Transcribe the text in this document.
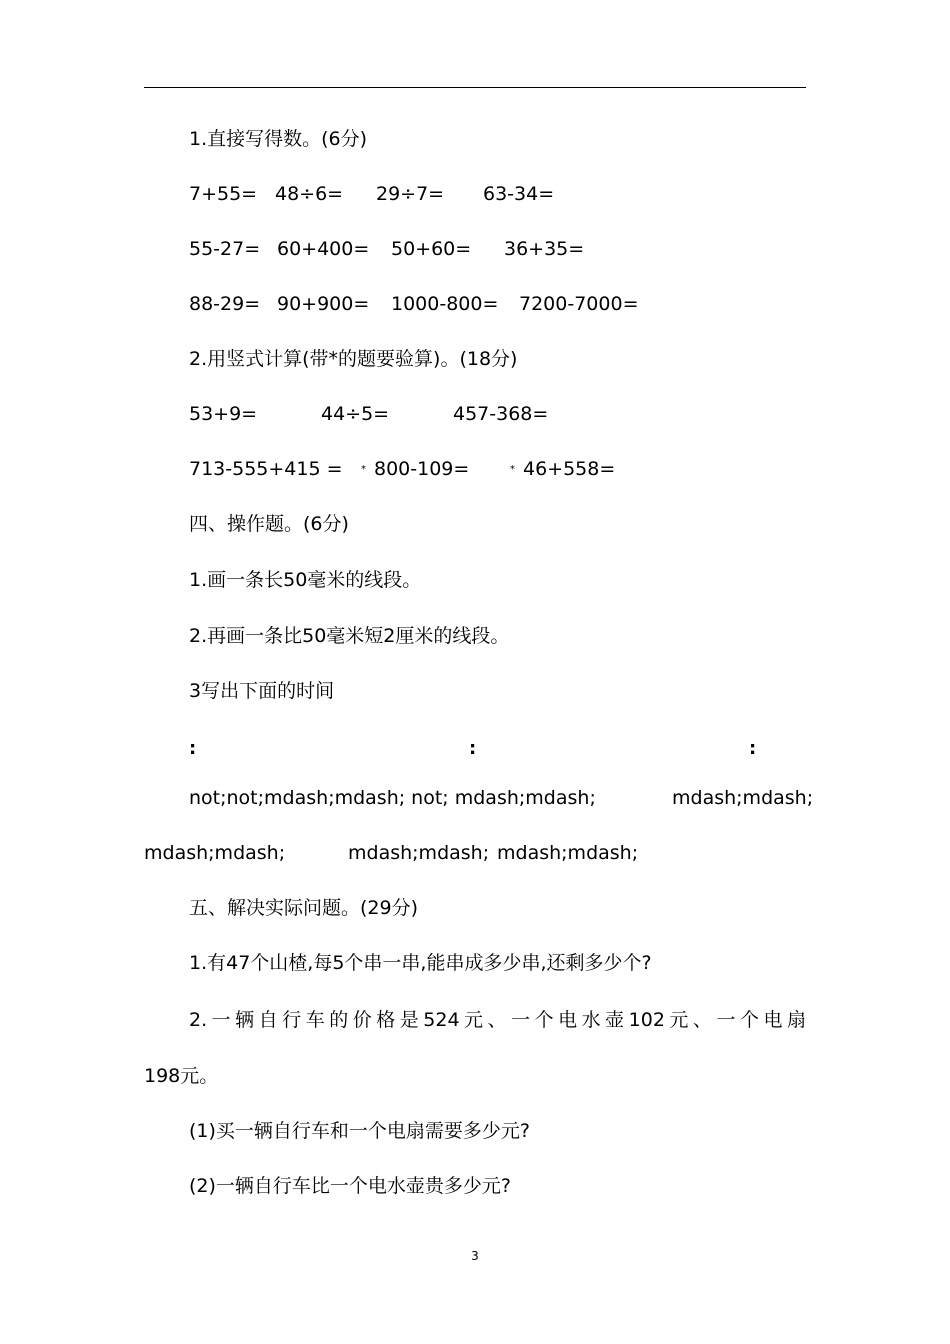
1.直接写得数。(6分)
7+55= 48÷6= 29÷7= 63-34=
55-27= 60+400= 50+60= 36+35=
88-29= 90+900= 1000-800= 7200-7000=
2.用竖式计算(带*的题要验算)。(18分)
53+9=	44÷5=	457-368=
713-555+415 = * 800-109=	* 46+558=
四、操作题。(6分)
1.画一条长50毫米的线段。
2.再画一条比50毫米短2厘米的线段。
3写出下面的时间
:	:	:
not;not;mdash;mdash; not; mdash;mdash;	mdash;mdash;
mdash;mdash;	mdash;mdash; mdash;mdash;
五、解决实际问题。(29分)
1.有47个山楂,每5个串一串,能串成多少串,还剩多少个?
2.一辆自行车的价格是524元、一个电水壶102元、一个电扇
198元。
(1)买一辆自行车和一个电扇需要多少元?
(2)一辆自行车比一个电水壶贵多少元?
3
